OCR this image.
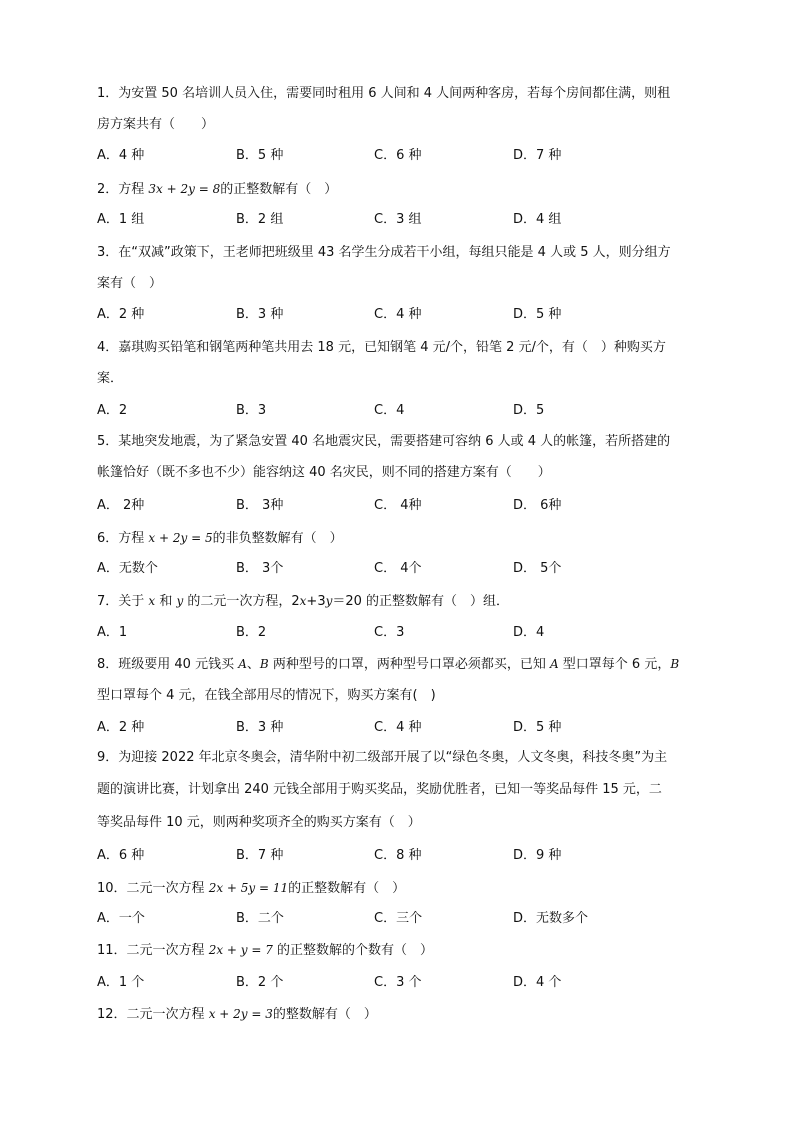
1．为安置 50 名培训人员入住，需要同时租用 6 人间和 4 人间两种客房，若每个房间都住满，则租
房方案共有（　　）
A．4 种	B．5 种	C．6 种	D．7 种
2．方程 3x + 2y = 8的正整数解有（　）
A．1 组	B．2 组	C．3 组	D．4 组
3．在“双减”政策下，王老师把班级里 43 名学生分成若干小组，每组只能是 4 人或 5 人，则分组方
案有（　）
A．2 种	B．3 种	C．4 种	D．5 种
4．嘉琪购买铅笔和钢笔两种笔共用去 18 元，已知钢笔 4 元/个，铅笔 2 元/个，有（　）种购买方
案．
A．2	B．3	C．4	D．5
5．某地突发地震，为了紧急安置 40 名地震灾民，需要搭建可容纳 6 人或 4 人的帐篷，若所搭建的
帐篷恰好（既不多也不少）能容纳这 40 名灾民，则不同的搭建方案有（　　）
A． 2种	B． 3种	C． 4种	D． 6种
6．方程 x + 2y = 5的非负整数解有（　）
A．无数个	B． 3个	C． 4个	D． 5个
7．关于 x 和 y 的二元一次方程，2x+3y＝20 的正整数解有（　）组．
A．1	B．2	C．3	D．4
8．班级要用 40 元钱买 A、B 两种型号的口罩，两种型号口罩必须都买，已知 A 型口罩每个 6 元，B
型口罩每个 4 元，在钱全部用尽的情况下，购买方案有(　)
A．2 种	B．3 种	C．4 种	D．5 种
9．为迎接 2022 年北京冬奥会，清华附中初二级部开展了以“绿色冬奥，人文冬奥，科技冬奥”为主
题的演讲比赛，计划拿出 240 元钱全部用于购买奖品，奖励优胜者，已知一等奖品每件 15 元，二
等奖品每件 10 元，则两种奖项齐全的购买方案有（　）
A．6 种	B．7 种	C．8 种	D．9 种
10．二元一次方程 2x + 5y = 11的正整数解有（　）
A．一个	B．二个	C．三个	D．无数多个
11．二元一次方程 2x + y = 7 的正整数解的个数有（　）
A．1 个	B．2 个	C．3 个	D．4 个
12．二元一次方程 x + 2y = 3的整数解有（　）
